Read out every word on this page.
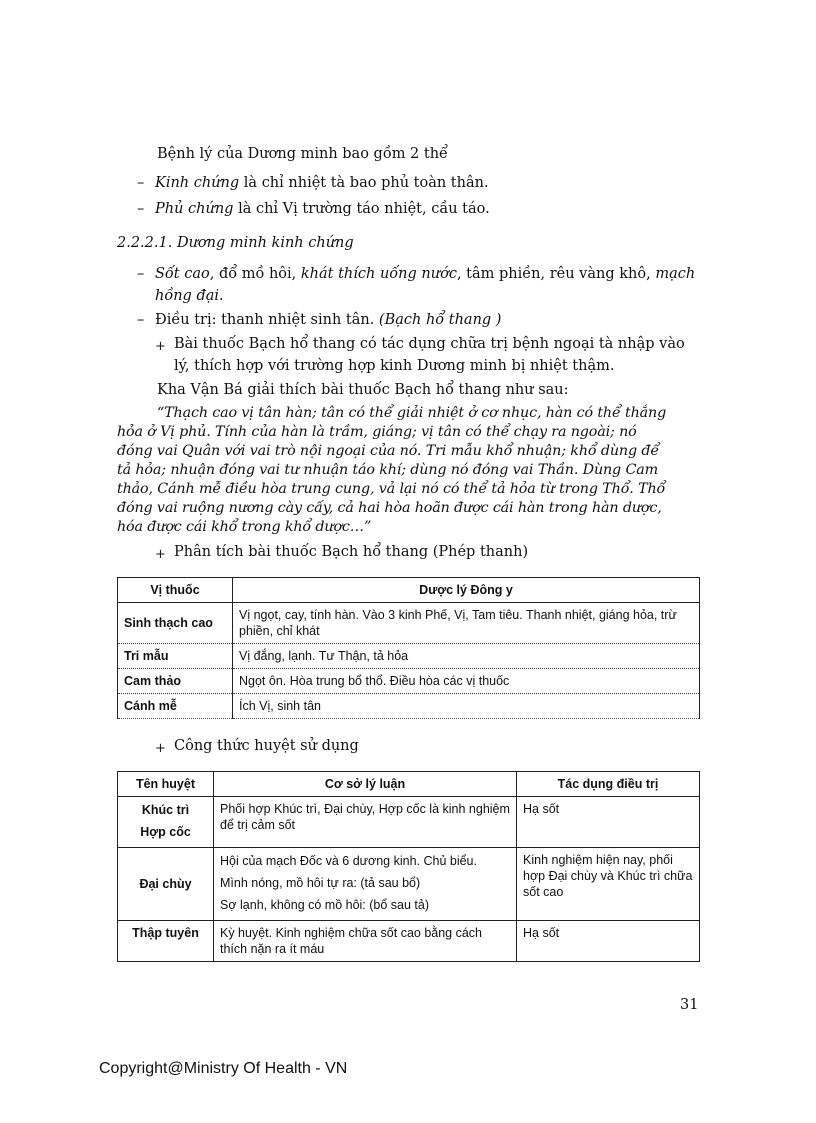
Bệnh lý của Dương minh bao gồm 2 thể
– Kinh chứng là chỉ nhiệt tà bao phủ toàn thân.
– Phủ chứng là chỉ Vị trường táo nhiệt, cầu táo.
2.2.2.1. Dương minh kinh chứng
– Sốt cao, đổ mồ hôi, khát thích uống nước, tâm phiền, rêu vàng khô, mạch
hồng đại.
– Điều trị: thanh nhiệt sinh tân. (Bạch hổ thang )
+ Bài thuốc Bạch hổ thang có tác dụng chữa trị bệnh ngoại tà nhập vào
lý, thích hợp với trường hợp kinh Dương minh bị nhiệt thậm.
Kha Vận Bá giải thích bài thuốc Bạch hổ thang như sau:
“Thạch cao vị tân hàn; tân có thể giải nhiệt ở cơ nhục, hàn có thể thắng
hỏa ở Vị phủ. Tính của hàn là trầm, giáng; vị tân có thể chạy ra ngoài; nó
đóng vai Quân với vai trò nội ngoại của nó. Tri mẫu khổ nhuận; khổ dùng để
tả hỏa; nhuận đóng vai tư nhuận táo khí; dùng nó đóng vai Thần. Dùng Cam
thảo, Cánh mễ điều hòa trung cung, vả lại nó có thể tả hỏa từ trong Thổ. Thổ
đóng vai ruộng nương cày cấy, cả hai hòa hoãn được cái hàn trong hàn dược,
hóa được cái khổ trong khổ dược…”
+ Phân tích bài thuốc Bạch hổ thang (Phép thanh)
Vị thuốc	Dược lý Đông y
Sinh thạch cao	Vị ngọt, cay, tính hàn. Vào 3 kinh Phế, Vị, Tam tiêu. Thanh nhiệt, giáng hỏa, trừ phiền, chỉ khát
Tri mẫu	Vị đắng, lạnh. Tư Thận, tả hỏa
Cam thảo	Ngọt ôn. Hòa trung bổ thổ. Điều hòa các vị thuốc
Cánh mễ	Ích Vị, sinh tân
+ Công thức huyệt sử dụng
Tên huyệt	Cơ sở lý luận	Tác dụng điều trị

Khúc trì
Hợp cốc	Phối hợp Khúc trì, Đại chùy, Hợp cốc là kinh nghiệm để trị cảm sốt	Hạ sốt
Đại chùy	Hội của mạch Đốc và 6 dương kinh. Chủ biểu.
Mình nóng, mồ hôi tự ra: (tả sau bổ)
Sợ lạnh, không có mồ hôi: (bổ sau tả)	Kinh nghiệm hiện nay, phối hợp Đại chùy và Khúc trì chữa sốt cao
Thập tuyên	Kỳ huyệt. Kinh nghiệm chữa sốt cao bằng cách thích nặn ra ít máu	Hạ sốt
31
Copyright@Ministry Of Health - VN
